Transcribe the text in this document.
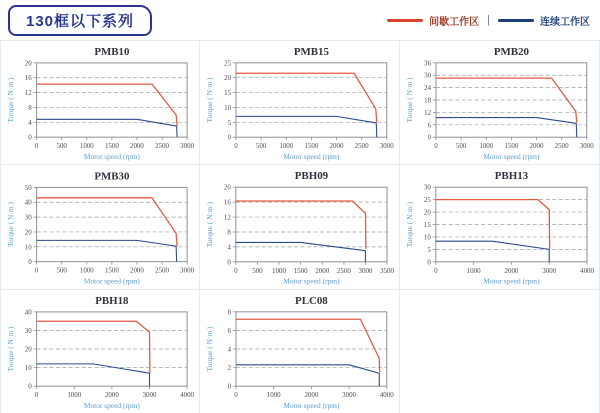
130框以下系列	间歇工作区 |	连续工作区
PMB10
0
4
8
12
16
20
0	500 1000 1500 2000 2500 3000
Motor speed (rpm)
Torque ( N·m )
PMB15
0
5
10
15
20
25
0	500 1000 1500 2000 2500 3000
Motor speed (rpm)
Torque ( N·m )
PMB20
0
6
12
18
24
30
36
0	500 1000 1500 2000 2500 3000
Motor speed (rpm)
Torque ( N·m )
PMB30
0
10
20
30
40
50
0	500 1000 1500 2000 2500 3000
Motor speed (rpm)
Torque ( N·m )
PBH09
0
4
8
12
16
20
0 500 1000 1500 2000 2500 3000 3500
Motor speed (rpm)
Torque ( N·m )
PBH13
0
5
10
15
20
25
30
0	1000	2000	3000	4000
Motor speed (rpm)
Torque ( N·m )
PBH18
0
10
20
30
40
0	1000	2000	3000	4000
Motor speed (rpm)
Torque ( N·m )
PLC08
0
2
4
6
8
0	1000	2000	3000	4000
Motor speed (rpm)
Torque ( N·m )
